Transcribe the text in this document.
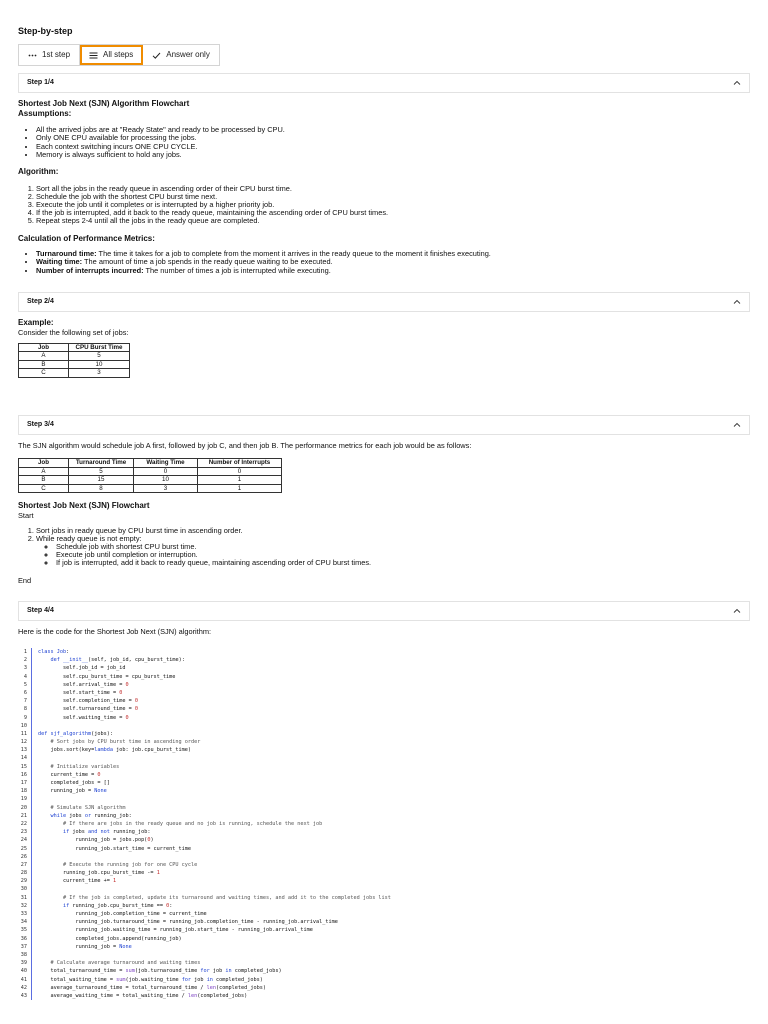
Step-by-step
1st step	All steps	Answer only
Step 1/4
Shortest Job Next (SJN) Algorithm Flowchart
Assumptions:
• All the arrived jobs are at "Ready State" and ready to be processed by CPU.
• Only ONE CPU available for processing the jobs.
• Each context switching incurs ONE CPU CYCLE.
• Memory is always sufficient to hold any jobs.
Algorithm:
1. Sort all the jobs in the ready queue in ascending order of their CPU burst time.
2. Schedule the job with the shortest CPU burst time next.
3. Execute the job until it completes or is interrupted by a higher priority job.
4. If the job is interrupted, add it back to the ready queue, maintaining the ascending order of CPU burst times.
5. Repeat steps 2-4 until all the jobs in the ready queue are completed.
Calculation of Performance Metrics:
• Turnaround time: The time it takes for a job to complete from the moment it arrives in the ready queue to the moment it finishes executing.
• Waiting time: The amount of time a job spends in the ready queue waiting to be executed.
• Number of interrupts incurred: The number of times a job is interrupted while executing.
Step 2/4
Example:

Consider the following set of jobs:

Job	CPU Burst Time
A	5
B	10
C	3
Step 3/4

The SJN algorithm would schedule job A first, followed by job C, and then job B. The performance metrics for each job would be as follows:

Job	Turnaround Time	Waiting Time	Number of Interrupts
A	5	0	0
B	15	10	1
C	8	3	1
Shortest Job Next (SJN) Flowchart

Start

1. Sort jobs in ready queue by CPU burst time in ascending order.
2. While ready queue is not empty:
◦ Schedule job with shortest CPU burst time.
◦ Execute job until completion or interruption.
◦ If job is interrupted, add it back to ready queue, maintaining ascending order of CPU burst times.

End

Step 4/4

Here is the code for the Shortest Job Next (SJN) algorithm:

1	class Job:
2	def __init__(self, job_id, cpu_burst_time):
3	self.job_id = job_id
4	self.cpu_burst_time = cpu_burst_time
5	self.arrival_time = 0
6	self.start_time = 0
7	self.completion_time = 0
8	self.turnaround_time = 0
9	self.waiting_time = 0
10
11	def sjf_algorithm(jobs):
12	# Sort jobs by CPU burst time in ascending order
13	jobs.sort(key=lambda job: job.cpu_burst_time)
14
15	# Initialize variables
16	current_time = 0
17	completed_jobs = []
18	running_job = None
19
20	# Simulate SJN algorithm
21	while jobs or running_job:
22	# If there are jobs in the ready queue and no job is running, schedule the next job
23	if jobs and not running_job:
24	running_job = jobs.pop(0)
25	running_job.start_time = current_time
26
27	# Execute the running job for one CPU cycle
28	running_job.cpu_burst_time -= 1
29	current_time += 1
30
31	# If the job is completed, update its turnaround and waiting times, and add it to the completed jobs list
32	if running_job.cpu_burst_time == 0:
33	running_job.completion_time = current_time
34	running_job.turnaround_time = running_job.completion_time - running_job.arrival_time
35	running_job.waiting_time = running_job.start_time - running_job.arrival_time
36	completed_jobs.append(running_job)
37	running_job = None
38
39	# Calculate average turnaround and waiting times
40	total_turnaround_time = sum(job.turnaround_time for job in completed_jobs)
41	total_waiting_time = sum(job.waiting_time for job in completed_jobs)
42	average_turnaround_time = total_turnaround_time / len(completed_jobs)
43	average_waiting_time = total_waiting_time / len(completed_jobs)
